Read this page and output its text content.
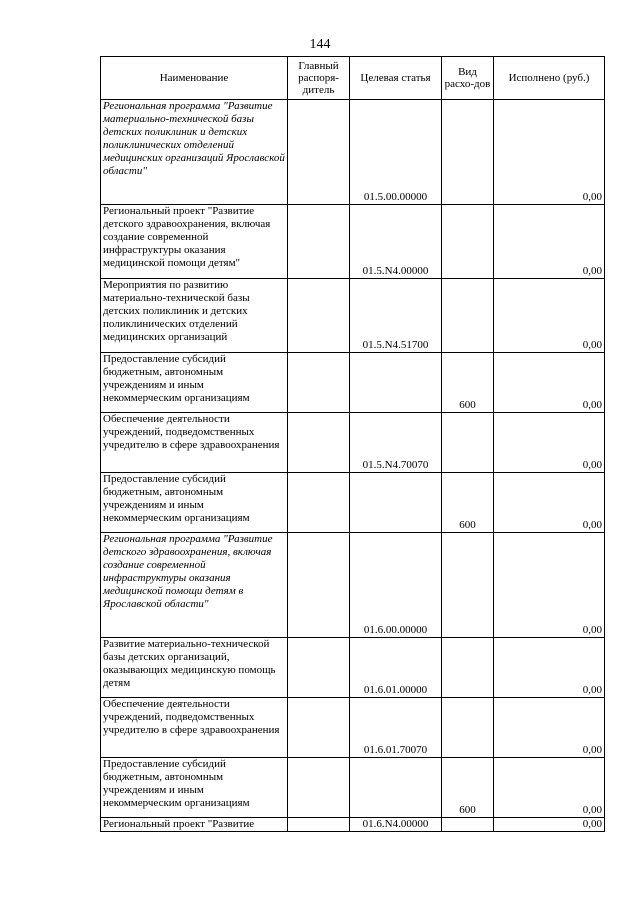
144
Наименование	Главный распоря-дитель	Целевая статья	Вид расхо-дов	Исполнено (руб.)
Региональная программа "Развитие материально-технической базы детских поликлиник и детских поликлинических отделений медицинских организаций Ярославской области"		01.5.00.00000		0,00
Региональный проект "Развитие детского здравоохранения, включая создание современной инфраструктуры оказания медицинской помощи детям"		01.5.N4.00000		0,00
Мероприятия по развитию материально-технической базы детских поликлиник и детских поликлинических отделений медицинских организаций		01.5.N4.51700		0,00
Предоставление субсидий бюджетным, автономным учреждениям и иным некоммерческим организациям			600	0,00
Обеспечение деятельности учреждений, подведомственных учредителю в сфере здравоохранения		01.5.N4.70070		0,00
Предоставление субсидий бюджетным, автономным учреждениям и иным некоммерческим организациям			600	0,00
Региональная программа "Развитие детского здравоохранения, включая создание современной инфраструктуры оказания медицинской помощи детям в Ярославской области"		01.6.00.00000		0,00
Развитие материально-технической базы детских организаций, оказывающих медицинскую помощь детям		01.6.01.00000		0,00
Обеспечение деятельности учреждений, подведомственных учредителю в сфере здравоохранения		01.6.01.70070		0,00
Предоставление субсидий бюджетным, автономным учреждениям и иным некоммерческим организациям			600	0,00
Региональный проект "Развитие		01.6.N4.00000		0,00
